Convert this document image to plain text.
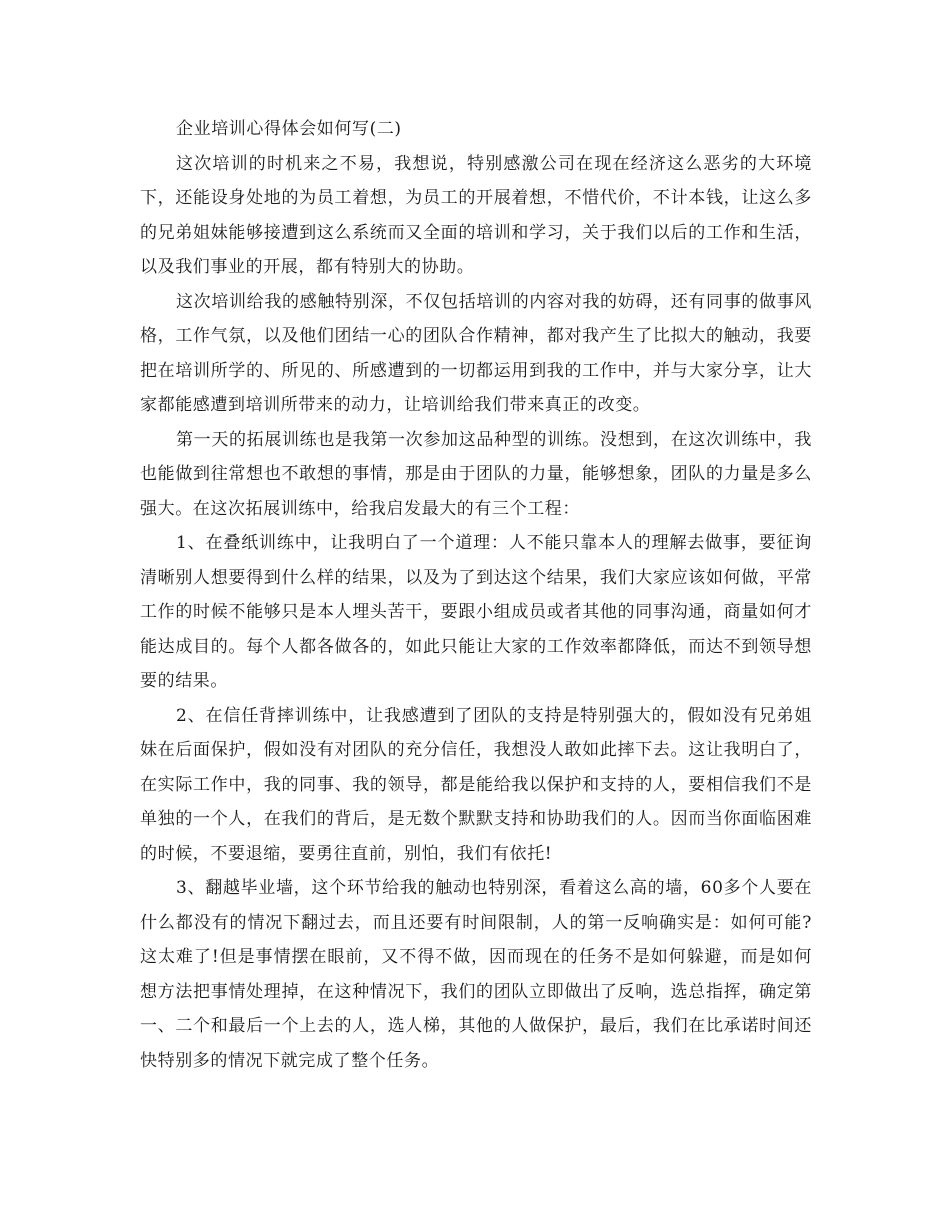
企业培训心得体会如何写(二)

这次培训的时机来之不易，我想说，特别感激公司在现在经济这么恶劣的大环境下，还能设身处地的为员工着想，为员工的开展着想，不惜代价，不计本钱，让这么多的兄弟姐妹能够接遭到这么系统而又全面的培训和学习，关于我们以后的工作和生活，以及我们事业的开展，都有特别大的协助。

这次培训给我的感触特别深，不仅包括培训的内容对我的妨碍，还有同事的做事风格，工作气氛，以及他们团结一心的团队合作精神，都对我产生了比拟大的触动，我要把在培训所学的、所见的、所感遭到的一切都运用到我的工作中，并与大家分享，让大家都能感遭到培训所带来的动力，让培训给我们带来真正的改变。

第一天的拓展训练也是我第一次参加这品种型的训练。没想到，在这次训练中，我也能做到往常想也不敢想的事情，那是由于团队的力量，能够想象，团队的力量是多么强大。在这次拓展训练中，给我启发最大的有三个工程：

1、在叠纸训练中，让我明白了一个道理：人不能只靠本人的理解去做事，要征询清晰别人想要得到什么样的结果，以及为了到达这个结果，我们大家应该如何做，平常工作的时候不能够只是本人埋头苦干，要跟小组成员或者其他的同事沟通，商量如何才能达成目的。每个人都各做各的，如此只能让大家的工作效率都降低，而达不到领导想要的结果。

2、在信任背摔训练中，让我感遭到了团队的支持是特别强大的，假如没有兄弟姐妹在后面保护，假如没有对团队的充分信任，我想没人敢如此摔下去。这让我明白了，在实际工作中，我的同事、我的领导，都是能给我以保护和支持的人，要相信我们不是单独的一个人，在我们的背后，是无数个默默支持和协助我们的人。因而当你面临困难的时候，不要退缩，要勇往直前，别怕，我们有依托!

3、翻越毕业墙，这个环节给我的触动也特别深，看着这么高的墙，60多个人要在什么都没有的情况下翻过去，而且还要有时间限制，人的第一反响确实是：如何可能?这太难了!但是事情摆在眼前，又不得不做，因而现在的任务不是如何躲避，而是如何想方法把事情处理掉，在这种情况下，我们的团队立即做出了反响，选总指挥，确定第一、二个和最后一个上去的人，选人梯，其他的人做保护，最后，我们在比承诺时间还快特别多的情况下就完成了整个任务。
